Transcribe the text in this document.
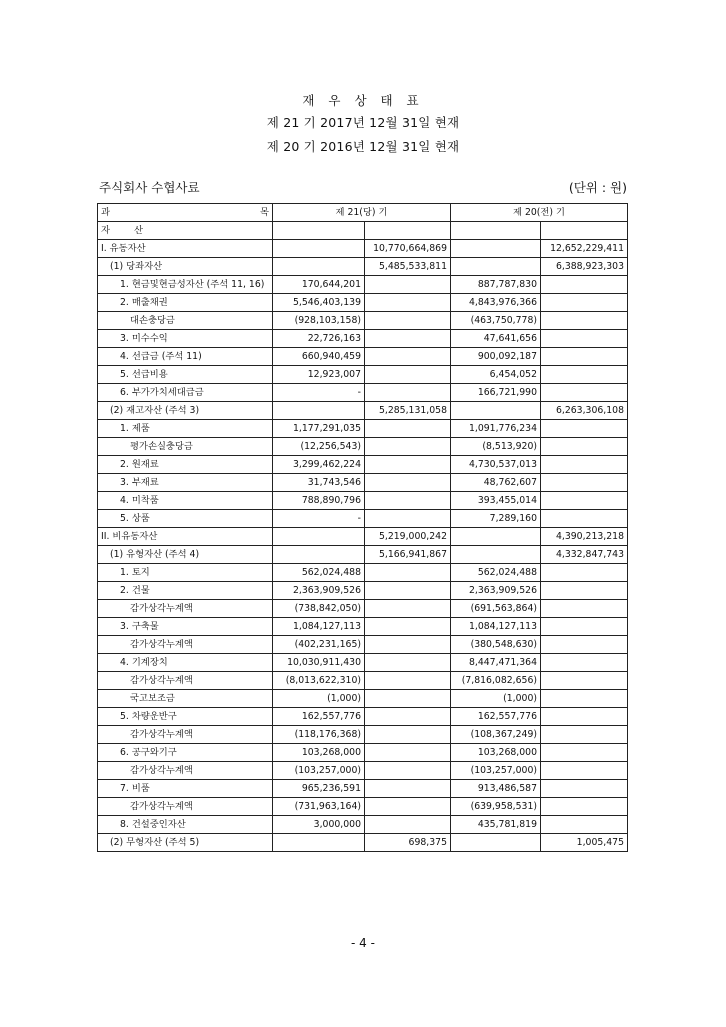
재 우 상 태 표
제 21 기 2017년 12월 31일 현재
제 20 기 2016년 12월 31일 현재
주식회사 수협사료	(단위 : 원)
과 목	제 21(당) 기		제 20(전) 기	
자 산				
I. 유동자산		10,770,664,869		12,652,229,411
(1) 당좌자산		5,485,533,811		6,388,923,303
1. 현금및현금성자산 (주석 11, 16)	170,644,201		887,787,830	
2. 매출채권	5,546,403,139		4,843,976,366	
대손충당금	(928,103,158)		(463,750,778)	
3. 미수수익	22,726,163		47,641,656	
4. 선급금 (주석 11)	660,940,459		900,092,187	
5. 선급비용	12,923,007		6,454,052	
6. 부가가치세대급금	-		166,721,990	
(2) 재고자산 (주석 3)		5,285,131,058		6,263,306,108
1. 제품	1,177,291,035		1,091,776,234	
평가손실충당금	(12,256,543)		(8,513,920)	
2. 원재료	3,299,462,224		4,730,537,013	
3. 부재료	31,743,546		48,762,607	
4. 미착품	788,890,796		393,455,014	
5. 상품	-		7,289,160	
II. 비유동자산		5,219,000,242		4,390,213,218
(1) 유형자산 (주석 4)		5,166,941,867		4,332,847,743
1. 토지	562,024,488		562,024,488	
2. 건물	2,363,909,526		2,363,909,526	
감가상각누계액	(738,842,050)		(691,563,864)	
3. 구축물	1,084,127,113		1,084,127,113	
감가상각누계액	(402,231,165)		(380,548,630)	
4. 기계장치	10,030,911,430		8,447,471,364	
감가상각누계액	(8,013,622,310)		(7,816,082,656)	
국고보조금	(1,000)		(1,000)	
5. 차량운반구	162,557,776		162,557,776	
감가상각누계액	(118,176,368)		(108,367,249)	
6. 공구와기구	103,268,000		103,268,000	
감가상각누계액	(103,257,000)		(103,257,000)	
7. 비품	965,236,591		913,486,587	
감가상각누계액	(731,963,164)		(639,958,531)	
8. 건설중인자산	3,000,000		435,781,819	
(2) 무형자산 (주석 5)		698,375		1,005,475
- 4 -
